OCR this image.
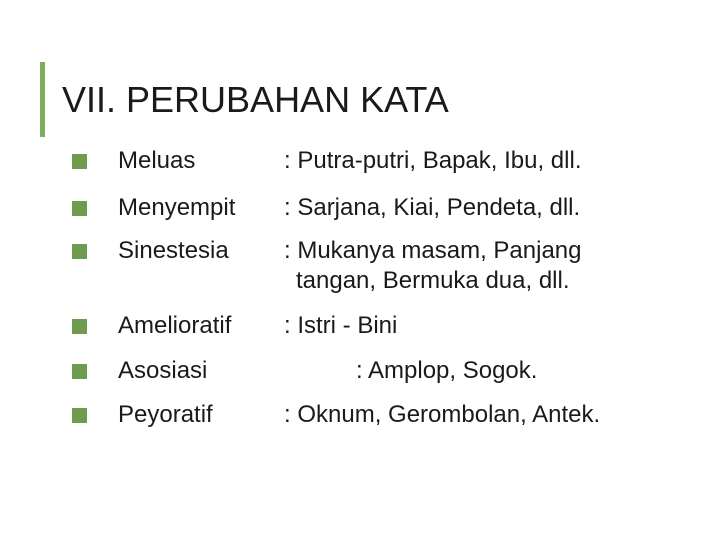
VII. PERUBAHAN KATA
Meluas	: Putra-putri, Bapak, Ibu, dll.
Menyempit : Sarjana, Kiai, Pendeta, dll.
Sinestesia : Mukanya masam, Panjang
tangan, Bermuka dua, dll.
Amelioratif : Istri - Bini
Asosiasi	: Amplop, Sogok.
Peyoratif	: Oknum, Gerombolan, Antek.
